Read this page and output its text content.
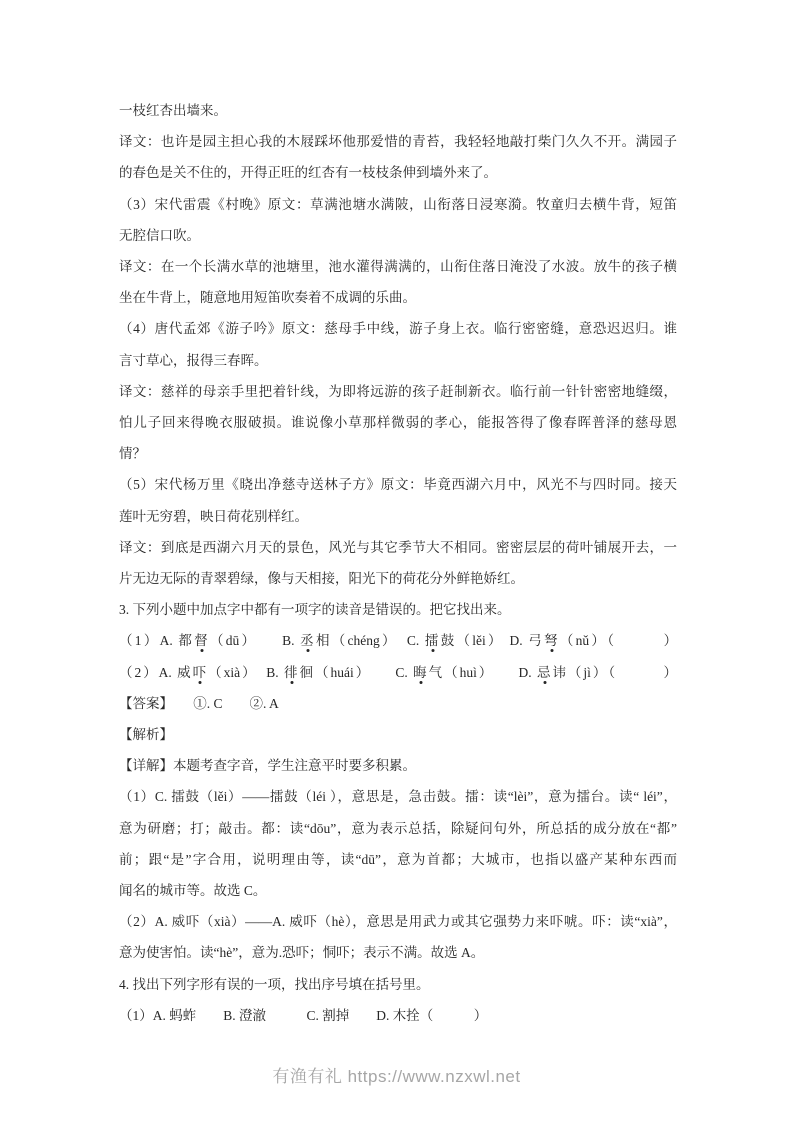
一枝红杏出墙来。
译文：也许是园主担心我的木屐踩坏他那爱惜的青苔，我轻轻地敲打柴门久久不开。满园子
的春色是关不住的，开得正旺的红杏有一枝枝条伸到墙外来了。
（3）宋代雷震《村晚》原文：草满池塘水满陂，山衔落日浸寒漪。牧童归去横牛背，短笛
无腔信口吹。
译文：在一个长满水草的池塘里，池水灌得满满的，山衔住落日淹没了水波。放牛的孩子横
坐在牛背上，随意地用短笛吹奏着不成调的乐曲。
（4）唐代孟郊《游子吟》原文：慈母手中线，游子身上衣。临行密密缝，意恐迟迟归。谁
言寸草心，报得三春晖。
译文：慈祥的母亲手里把着针线，为即将远游的孩子赶制新衣。临行前一针针密密地缝缀，
怕儿子回来得晚衣服破损。谁说像小草那样微弱的孝心，能报答得了像春晖普泽的慈母恩
情？
（5）宋代杨万里《晓出净慈寺送林子方》原文：毕竟西湖六月中，风光不与四时同。接天
莲叶无穷碧，映日荷花别样红。
译文：到底是西湖六月天的景色，风光与其它季节大不相同。密密层层的荷叶铺展开去，一
片无边无际的青翠碧绿，像与天相接，阳光下的荷花分外鲜艳娇红。
3. 下列小题中加点字中都有一项字的读音是错误的。把它找出来。
（1）A. 都督（dū）　　B. 丞相（chéng）　C. 擂鼓（lěi） D. 弓弩（nǔ）（　　　）
（2）A. 威吓（xià）　B. 徘徊（huái）　　C. 晦气（huì）　　D. 忌讳（jì）（　　　）
【答案】　　①. C　　②. A
【解析】
【详解】本题考查字音，学生注意平时要多积累。
（1）C. 擂鼓（lěi）——擂鼓（léi ），意思是，急击鼓。擂：读“lèi”，意为擂台。读“ léi”，
意为研磨；打；敲击。都：读“dōu”，意为表示总括，除疑问句外，所总括的成分放在“都”
前；跟“是”字合用，说明理由等，读“dū”，意为首都；大城市，也指以盛产某种东西而
闻名的城市等。故选 C。
（2）A. 威吓（xià）——A. 威吓（hè），意思是用武力或其它强势力来吓唬。吓：读“xià”，
意为使害怕。读“hè”，意为.恐吓；恫吓；表示不满。故选 A。
4. 找出下列字形有误的一项，找出序号填在括号里。
（1）A. 蚂蚱　　B. 澄澈　　　C. 割掉　　D. 木拴（　　　）
有渔有礼 https://www.nzxwl.net
